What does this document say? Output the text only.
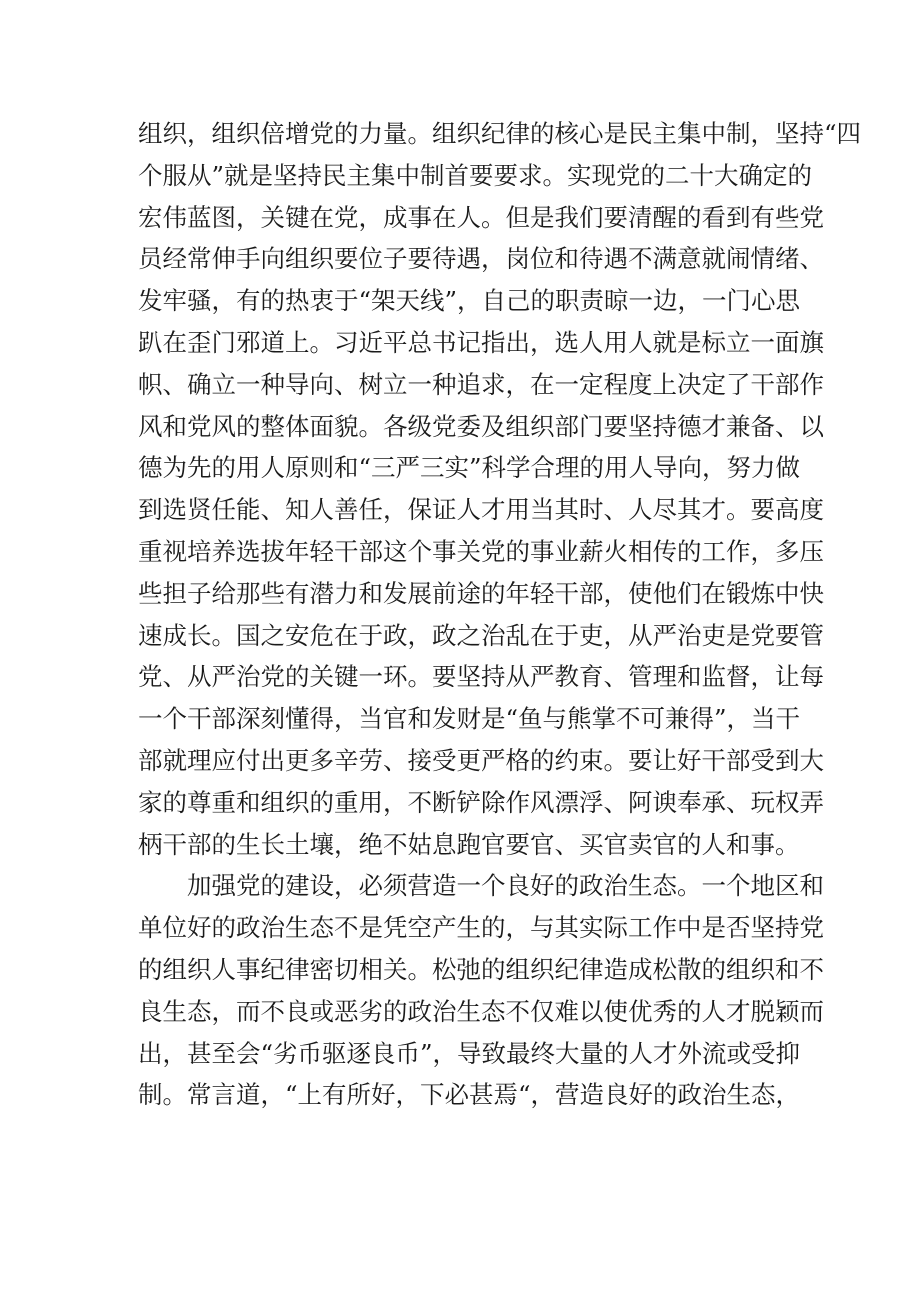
组织，组织倍增党的力量。组织纪律的核心是民主集中制，坚持“四
个服从”就是坚持民主集中制首要要求。实现党的二十大确定的
宏伟蓝图，关键在党，成事在人。但是我们要清醒的看到有些党
员经常伸手向组织要位子要待遇，岗位和待遇不满意就闹情绪、
发牢骚，有的热衷于“架天线”，自己的职责晾一边，一门心思
趴在歪门邪道上。习近平总书记指出，选人用人就是标立一面旗
帜、确立一种导向、树立一种追求，在一定程度上决定了干部作
风和党风的整体面貌。各级党委及组织部门要坚持德才兼备、以
德为先的用人原则和“三严三实”科学合理的用人导向，努力做
到选贤任能、知人善任，保证人才用当其时、人尽其才。要高度
重视培养选拔年轻干部这个事关党的事业薪火相传的工作，多压
些担子给那些有潜力和发展前途的年轻干部，使他们在锻炼中快
速成长。国之安危在于政，政之治乱在于吏，从严治吏是党要管
党、从严治党的关键一环。要坚持从严教育、管理和监督，让每
一个干部深刻懂得，当官和发财是“鱼与熊掌不可兼得”，当干
部就理应付出更多辛劳、接受更严格的约束。要让好干部受到大
家的尊重和组织的重用，不断铲除作风漂浮、阿谀奉承、玩权弄
柄干部的生长土壤，绝不姑息跑官要官、买官卖官的人和事。
　　加强党的建设，必须营造一个良好的政治生态。一个地区和
单位好的政治生态不是凭空产生的，与其实际工作中是否坚持党
的组织人事纪律密切相关。松弛的组织纪律造成松散的组织和不
良生态，而不良或恶劣的政治生态不仅难以使优秀的人才脱颖而
出，甚至会“劣币驱逐良币”，导致最终大量的人才外流或受抑
制。常言道，“上有所好，下必甚焉“，营造良好的政治生态，
